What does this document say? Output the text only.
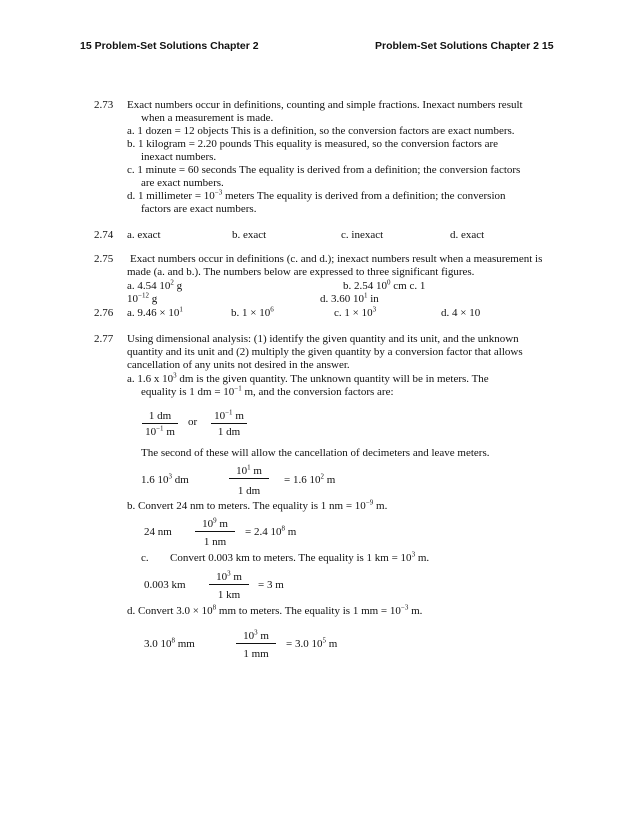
15 Problem-Set Solutions Chapter 2	Problem-Set Solutions Chapter 2 15
2.73 Exact numbers occur in definitions, counting and simple fractions. Inexact numbers result
when a measurement is made.
a. 1 dozen = 12 objects This is a definition, so the conversion factors are exact numbers.
b. 1 kilogram = 2.20 pounds This equality is measured, so the conversion factors are
inexact numbers.
c. 1 minute = 60 seconds The equality is derived from a definition; the conversion factors
are exact numbers.
d. 1 millimeter = $10^{-3}$ meters The equality is derived from a definition; the conversion
factors are exact numbers.
2.74 a. exact	b. exact	c. inexact	d. exact
2.75 Exact numbers occur in definitions (c. and d.); inexact numbers result when a measurement is
made (a. and b.). The numbers below are expressed to three significant figures.
a. 4.54 $10^2$ g	b. 2.54 $10^0$ cm c. 1
$10^{-12}$ g	d. 3.60 $10^1$ in
2.76 a. $9.46 \times 10^1$	b. $1 \times 10^6$	c. $1 \times 10^3$	d. 4 × 10
2.77 Using dimensional analysis: (1) identify the given quantity and its unit, and the unknown
quantity and its unit and (2) multiply the given quantity by a conversion factor that allows
cancellation of any units not desired in the answer.
a. 1.6 x $10^3$ dm is the given quantity. The unknown quantity will be in meters. The
equality is 1 dm = $10^{-1}$ m, and the conversion factors are:
$\frac{1 dm}{10^{-1} m}$ or $\frac{10^{-1} m}{1 dm}$
The second of these will allow the cancellation of decimeters and leave meters.
1.6 $10^3$ dm	$\frac{10^1 m}{1 dm} = 1.6$ $10^2$ m
b. Convert 24 nm to meters. The equality is 1 nm = $10^{-9}$ m.
24 nm $\frac{10^9 m}{1 nm} = 2.4$ $10^8$ m
c. Convert 0.003 km to meters. The equality is 1 km = $10^3$ m.
0.003 km $\frac{10^3 m}{1 km} = 3$ m
d. Convert $3.0 \times 10^8$ mm to meters. The equality is 1 mm = $10^{-3}$ m.
3.0 $10^8$ mm	$\frac{10^3 m}{1 mm} = 3.0$ $10^5$ m
